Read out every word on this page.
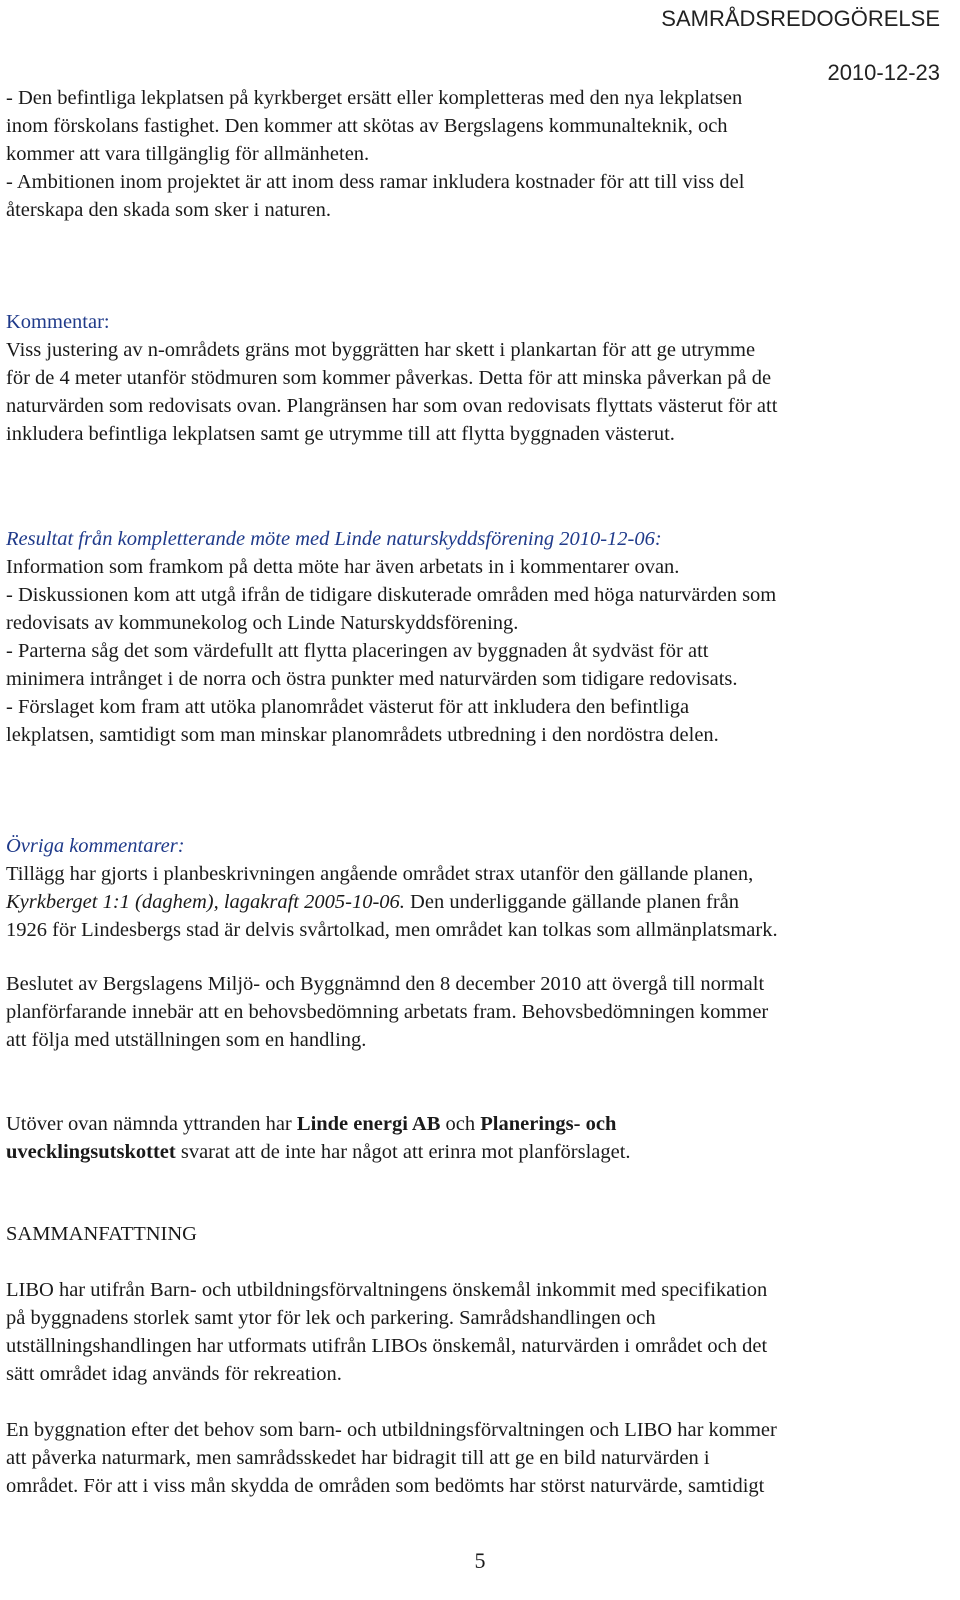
SAMRÅDSREDOGÖRELSE
2010-12-23
- Den befintliga lekplatsen på kyrkberget ersätt eller kompletteras med den nya lekplatsen
inom förskolans fastighet. Den kommer att skötas av Bergslagens kommunalteknik, och
kommer att vara tillgänglig för allmänheten.
- Ambitionen inom projektet är att inom dess ramar inkludera kostnader för att till viss del
återskapa den skada som sker i naturen.
Kommentar:
Viss justering av n-områdets gräns mot byggrätten har skett i plankartan för att ge utrymme
för de 4 meter utanför stödmuren som kommer påverkas. Detta för att minska påverkan på de
naturvärden som redovisats ovan. Plangränsen har som ovan redovisats flyttats västerut för att
inkludera befintliga lekplatsen samt ge utrymme till att flytta byggnaden västerut.
Resultat från kompletterande möte med Linde naturskyddsförening 2010-12-06:
Information som framkom på detta möte har även arbetats in i kommentarer ovan.
- Diskussionen kom att utgå ifrån de tidigare diskuterade områden med höga naturvärden som
redovisats av kommunekolog och Linde Naturskyddsförening.
- Parterna såg det som värdefullt att flytta placeringen av byggnaden åt sydväst för att
minimera intrånget i de norra och östra punkter med naturvärden som tidigare redovisats.
- Förslaget kom fram att utöka planområdet västerut för att inkludera den befintliga
lekplatsen, samtidigt som man minskar planområdets utbredning i den nordöstra delen.
Övriga kommentarer:
Tillägg har gjorts i planbeskrivningen angående området strax utanför den gällande planen,
Kyrkberget 1:1 (daghem), lagakraft 2005-10-06. Den underliggande gällande planen från
1926 för Lindesbergs stad är delvis svårtolkad, men området kan tolkas som allmänplatsmark.
Beslutet av Bergslagens Miljö- och Byggnämnd den 8 december 2010 att övergå till normalt
planförfarande innebär att en behovsbedömning arbetats fram. Behovsbedömningen kommer
att följa med utställningen som en handling.
Utöver ovan nämnda yttranden har Linde energi AB och Planerings- och
uvecklingsutskottet svarat att de inte har något att erinra mot planförslaget.
SAMMANFATTNING
LIBO har utifrån Barn- och utbildningsförvaltningens önskemål inkommit med specifikation
på byggnadens storlek samt ytor för lek och parkering. Samrådshandlingen och
utställningshandlingen har utformats utifrån LIBOs önskemål, naturvärden i området och det
sätt området idag används för rekreation.
En byggnation efter det behov som barn- och utbildningsförvaltningen och LIBO har kommer
att påverka naturmark, men samrådsskedet har bidragit till att ge en bild naturvärden i
området. För att i viss mån skydda de områden som bedömts har störst naturvärde, samtidigt
5
